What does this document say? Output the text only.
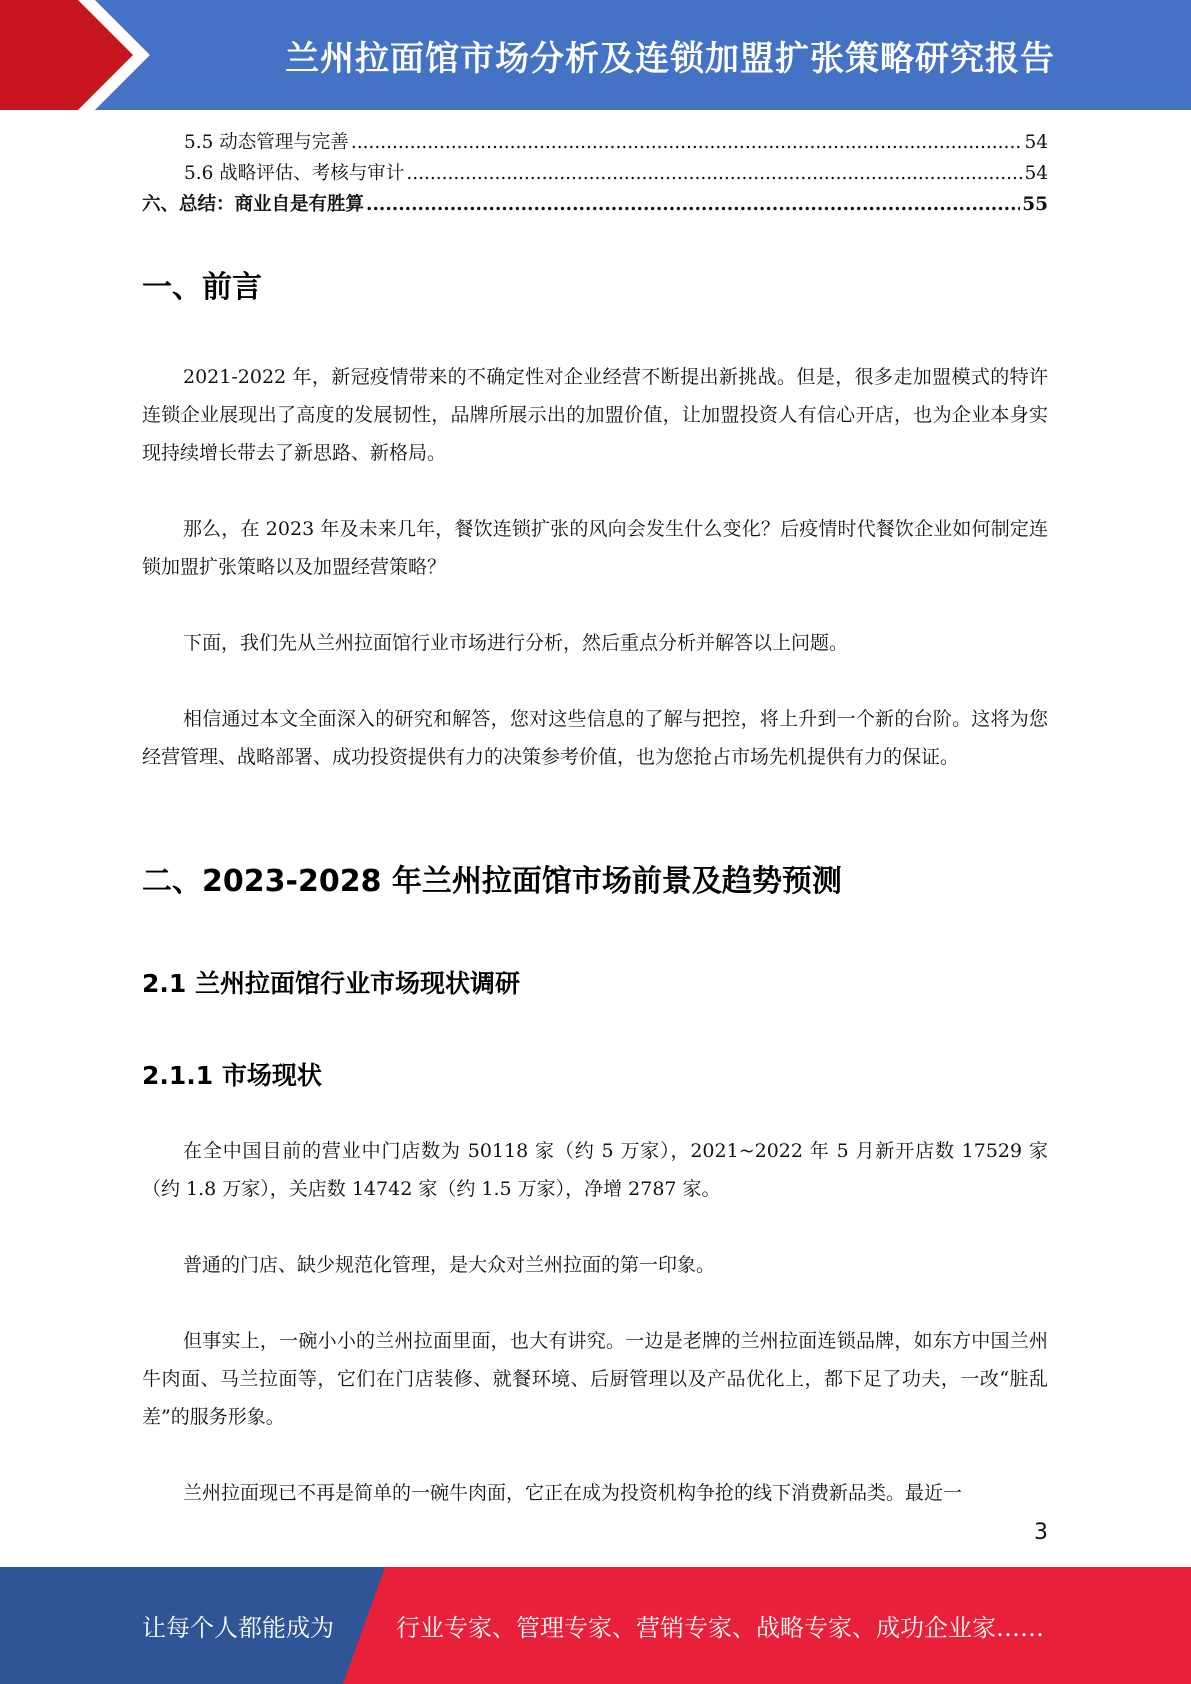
兰州拉面馆市场分析及连锁加盟扩张策略研究报告
5.5 动态管理与完善 .....	54
5.6 战略评估、考核与审计 .....	54
六、总结：商业自是有胜算 .....	55
一、前言
2021-2022 年，新冠疫情带来的不确定性对企业经营不断提出新挑战。但是，很多走加盟模式的特许连锁企业展现出了高度的发展韧性，品牌所展示出的加盟价值，让加盟投资人有信心开店，也为企业本身实现持续增长带去了新思路、新格局。
那么，在 2023 年及未来几年，餐饮连锁扩张的风向会发生什么变化？后疫情时代餐饮企业如何制定连锁加盟扩张策略以及加盟经营策略？
下面，我们先从兰州拉面馆行业市场进行分析，然后重点分析并解答以上问题。
相信通过本文全面深入的研究和解答，您对这些信息的了解与把控，将上升到一个新的台阶。这将为您经营管理、战略部署、成功投资提供有力的决策参考价值，也为您抢占市场先机提供有力的保证。
二、2023-2028 年兰州拉面馆市场前景及趋势预测
2.1 兰州拉面馆行业市场现状调研
2.1.1 市场现状
在全中国目前的营业中门店数为 50118 家（约 5 万家），2021~2022 年 5 月新开店数 17529 家（约 1.8 万家），关店数 14742 家（约 1.5 万家），净增 2787 家。
普通的门店、缺少规范化管理，是大众对兰州拉面的第一印象。
但事实上，一碗小小的兰州拉面里面，也大有讲究。一边是老牌的兰州拉面连锁品牌，如东方中国兰州牛肉面、马兰拉面等，它们在门店装修、就餐环境、后厨管理以及产品优化上，都下足了功夫，一改“脏乱差”的服务形象。
兰州拉面现已不再是简单的一碗牛肉面，它正在成为投资机构争抢的线下消费新品类。最近一
3
让每个人都能成为	行业专家、管理专家、营销专家、战略专家、成功企业家……
